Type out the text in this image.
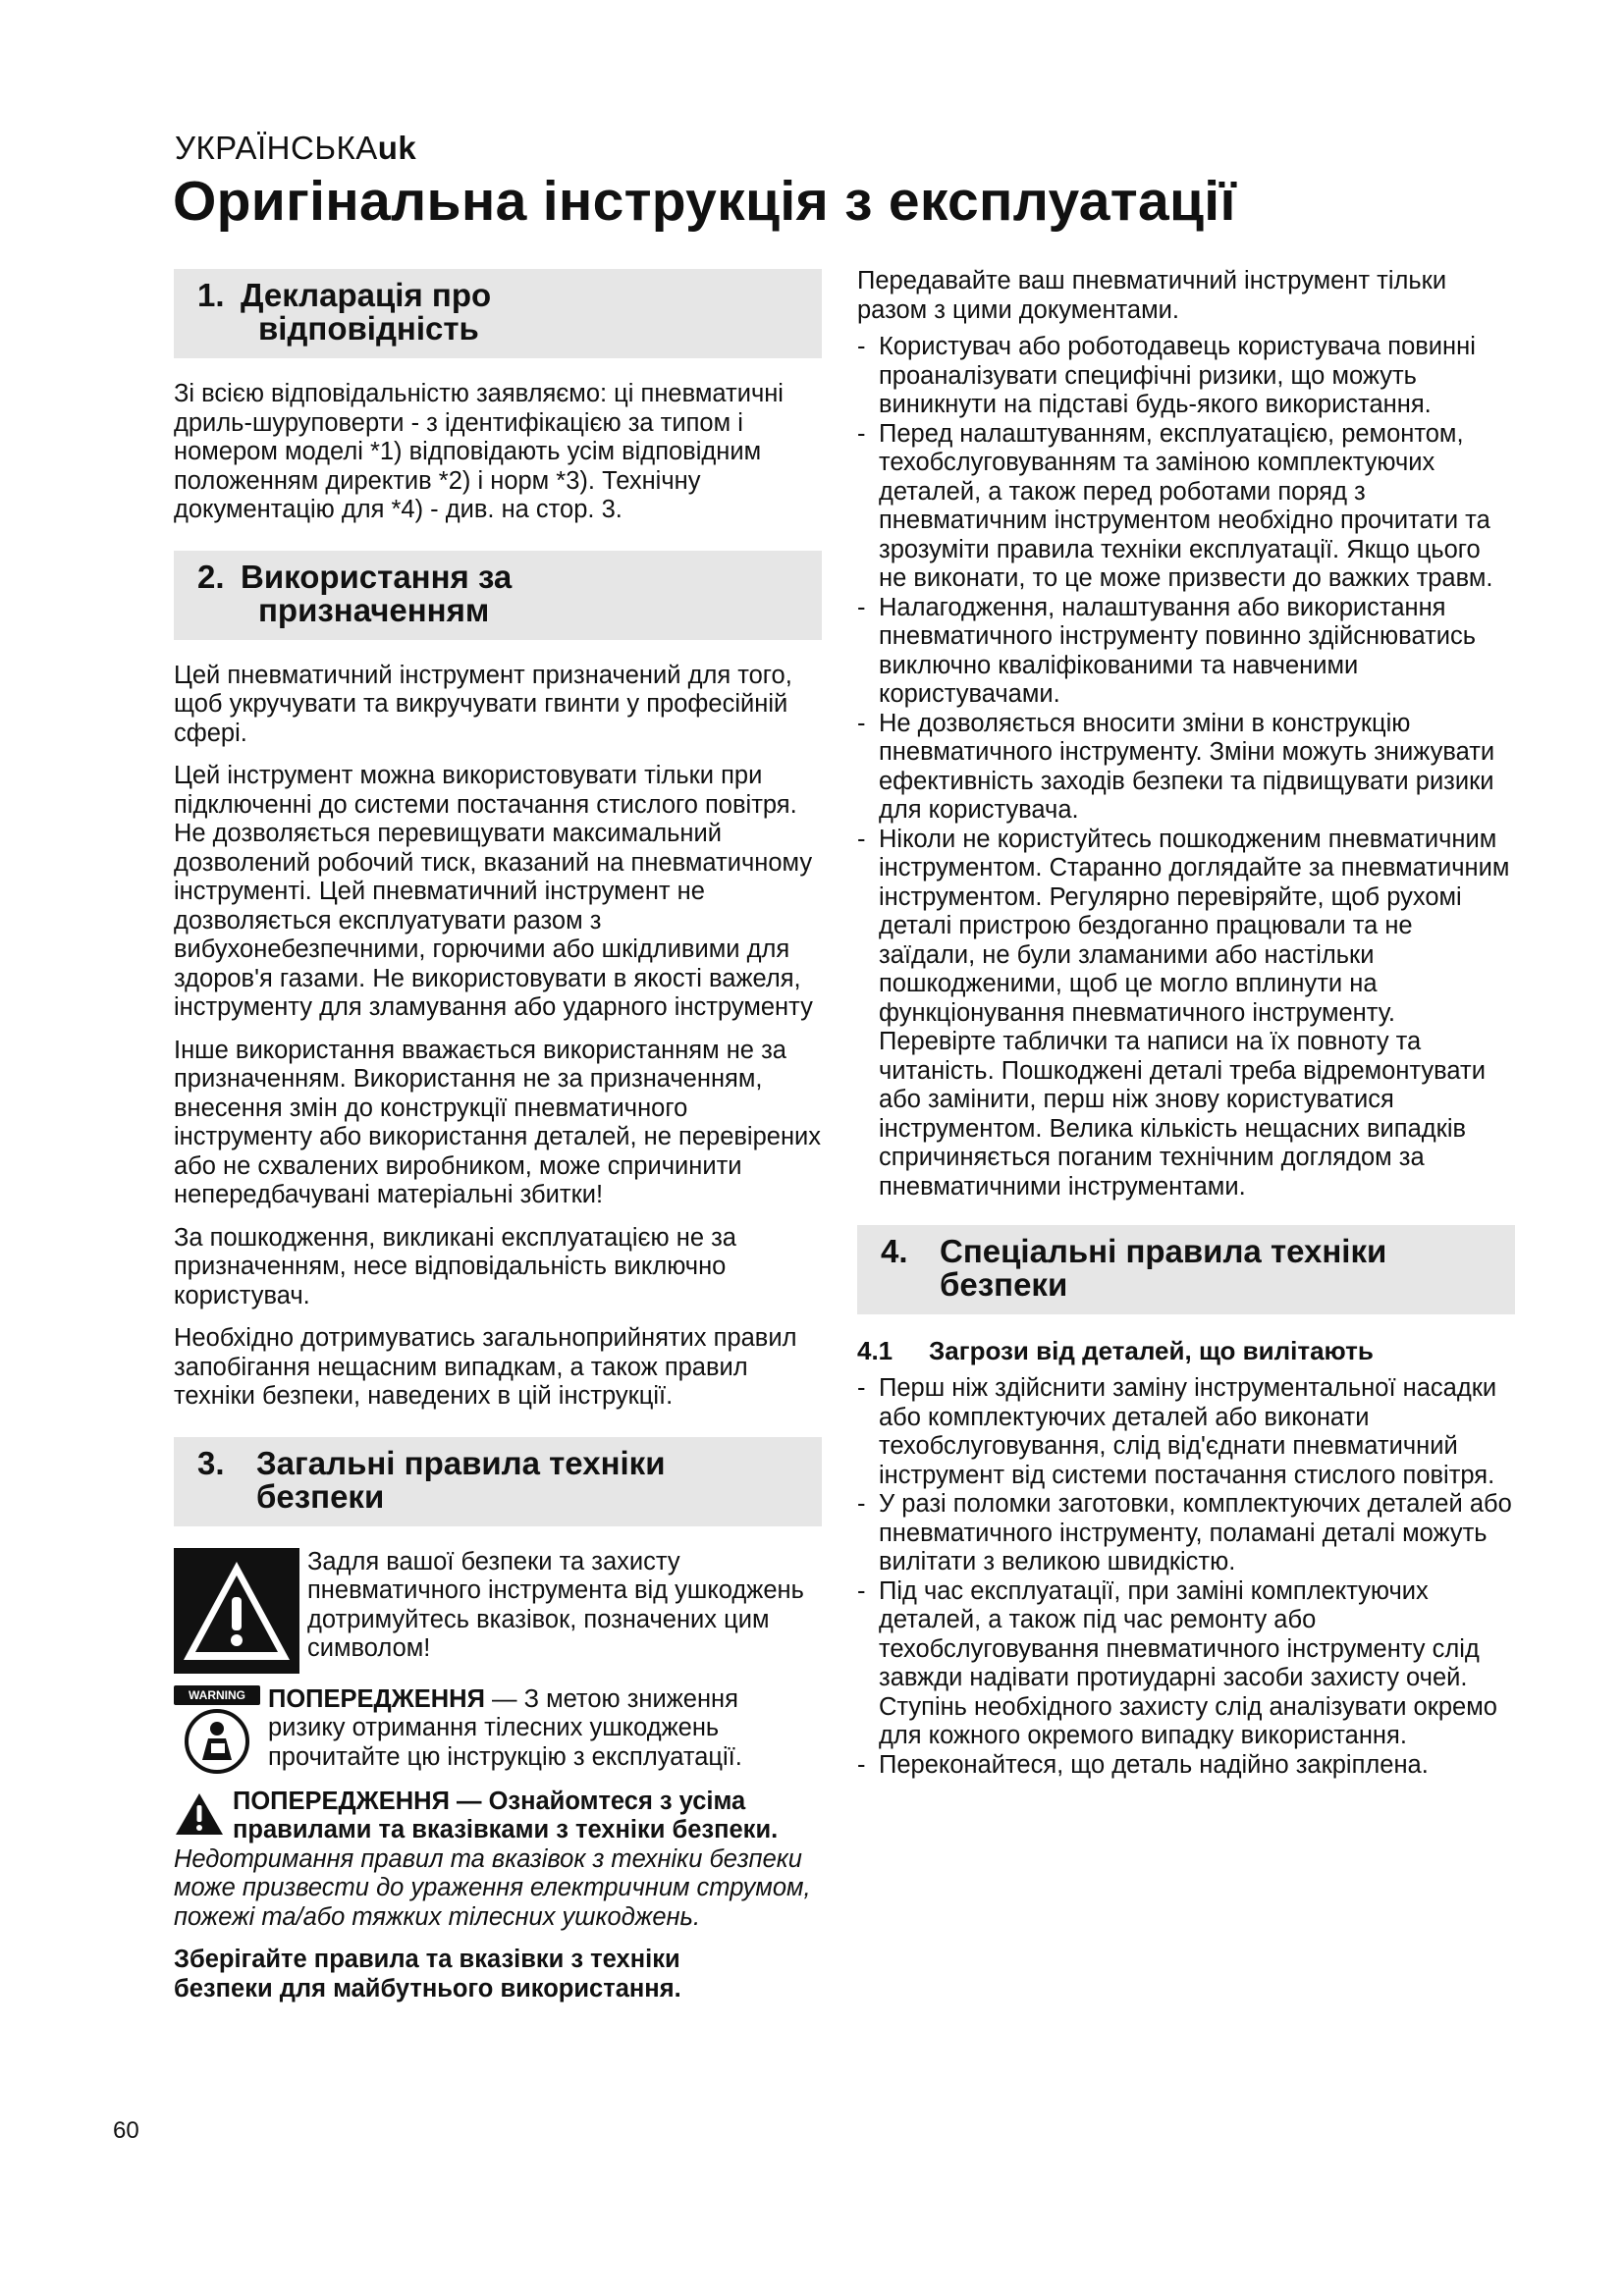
УКРАЇНСЬКАuk
Оригінальна інструкція з експлуатації
1. Декларація про
відповідність

Зі всією відповідальністю заявляємо: ці пневматичні дриль-шуруповерти - з ідентифікацією за типом і номером моделі *1) відповідають усім відповідним положенням директив *2) і норм *3). Технічну документацію для *4) - див. на стор. 3.

2. Використання за
призначенням

Цей пневматичний інструмент призначений для того, щоб укручувати та викручувати гвинти у професійній сфері.

Цей інструмент можна використовувати тільки при підключенні до системи постачання стислого повітря. Не дозволяється перевищувати максимальний дозволений робочий тиск, вказаний на пневматичному інструменті. Цей пневматичний інструмент не дозволяється експлуатувати разом з вибухонебезпечними, горючими або шкідливими для здоров'я газами. Не використовувати в якості важеля, інструменту для зламування або ударного інструменту

Інше використання вважається використанням не за призначенням. Використання не за призначенням, внесення змін до конструкції пневматичного інструменту або використання деталей, не перевірених або не схвалених виробником, може спричинити непередбачувані матеріальні збитки!

За пошкодження, викликані експлуатацією не за призначенням, несе відповідальність виключно користувач.

Необхідно дотримуватись загальноприйнятих правил запобігання нещасним випадкам, а також правил техніки безпеки, наведених в цій інструкції.

3. Загальні правила техніки
безпеки
Задля вашої безпеки та захисту пневматичного інструмента від ушкоджень дотримуйтесь вказівок, позначених цим символом!
WARNING ПОПЕРЕДЖЕННЯ — З метою зниження ризику отримання тілесних ушкоджень прочитайте цю інструкцію з експлуатації.
ПОПЕРЕДЖЕННЯ — Ознайомтеся з усіма правилами та вказівками з техніки безпеки. Недотримання правил та вказівок з техніки безпеки може призвести до ураження електричним струмом, пожежі та/або тяжких тілесних ушкоджень.
Зберігайте правила та вказівки з техніки
безпеки для майбутнього використання.

Передавайте ваш пневматичний інструмент тільки разом з цими документами.

- Користувач або роботодавець користувача повинні проаналізувати специфічні ризики, що можуть виникнути на підставі будь-якого використання.
- Перед налаштуванням, експлуатацією, ремонтом, техобслуговуванням та заміною комплектуючих деталей, а також перед роботами поряд з пневматичним інструментом необхідно прочитати та зрозуміти правила техніки експлуатації. Якщо цього не виконати, то це може призвести до важких травм.
- Налагодження, налаштування або використання пневматичного інструменту повинно здійснюватись виключно кваліфікованими та навченими користувачами.
- Не дозволяється вносити зміни в конструкцію пневматичного інструменту. Зміни можуть знижувати ефективність заходів безпеки та підвищувати ризики для користувача.
- Ніколи не користуйтесь пошкодженим пневматичним інструментом. Старанно доглядайте за пневматичним інструментом. Регулярно перевіряйте, щоб рухомі деталі пристрою бездоганно працювали та не заїдали, не були зламаними або настільки пошкодженими, щоб це могло вплинути на функціонування пневматичного інструменту. Перевірте таблички та написи на їх повноту та читаність. Пошкоджені деталі треба відремонтувати або замінити, перш ніж знову користуватися інструментом. Велика кількість нещасних випадків спричиняється поганим технічним доглядом за пневматичними інструментами.
4. Спеціальні правила техніки
безпеки
4.1	Загрози від деталей, що вилітають
- Перш ніж здійснити заміну інструментальної насадки або комплектуючих деталей або виконати техобслуговування, слід від'єднати пневматичний інструмент від системи постачання стислого повітря.
- У разі поломки заготовки, комплектуючих деталей або пневматичного інструменту, поламані деталі можуть вилітати з великою швидкістю.
- Під час експлуатації, при заміні комплектуючих деталей, а також під час ремонту або техобслуговування пневматичного інструменту слід завжди надівати протиударні засоби захисту очей. Ступінь необхідного захисту слід аналізувати окремо для кожного окремого випадку використання.
- Переконайтеся, що деталь надійно закріплена.
60
